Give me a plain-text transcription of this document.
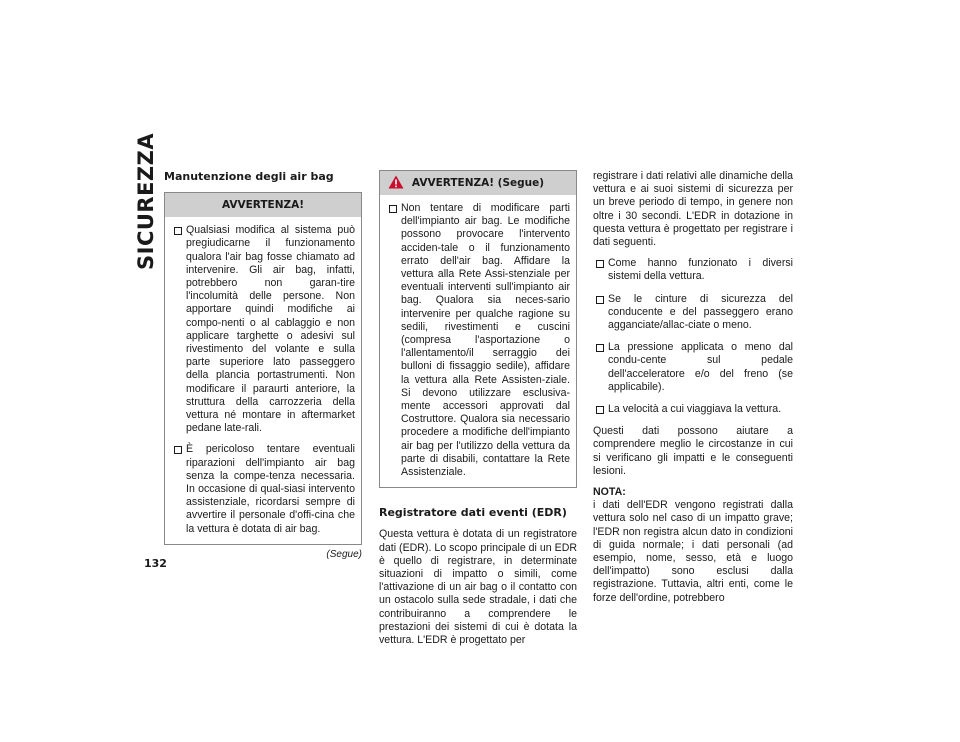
SICUREZZA
132
Manutenzione degli air bag
AVVERTENZA!
Qualsiasi modifica al sistema può pregiudicarne il funzionamento qualora l'air bag fosse chiamato ad intervenire. Gli air bag, infatti, potrebbero non garan-tire l'incolumità delle persone. Non apportare quindi modifiche ai compo-nenti o al cablaggio e non applicare targhette o adesivi sul rivestimento del volante e sulla parte superiore lato passeggero della plancia portastrumenti. Non modificare il paraurti anteriore, la struttura della carrozzeria della vettura né montare in aftermarket pedane late-rali.
È pericoloso tentare eventuali riparazioni dell'impianto air bag senza la compe-tenza necessaria. In occasione di qual-siasi intervento assistenziale, ricordarsi sempre di avvertire il personale d'offi-cina che la vettura è dotata di air bag.
(Segue)
AVVERTENZA! (Segue)
Non tentare di modificare parti dell'impianto air bag. Le modifiche possono provocare l'intervento acciden-tale o il funzionamento errato dell'air bag. Affidare la vettura alla Rete Assi-stenziale per eventuali interventi sull'impianto air bag. Qualora sia neces-sario intervenire per qualche ragione su sedili, rivestimenti e cuscini (compresa l'asportazione o l'allentamento/il serraggio dei bulloni di fissaggio sedile), affidare la vettura alla Rete Assisten-ziale. Si devono utilizzare esclusiva-mente accessori approvati dal Costruttore. Qualora sia necessario procedere a modifiche dell'impianto air bag per l'utilizzo della vettura da parte di disabili, contattare la Rete Assistenziale.
Registratore dati eventi (EDR)

Questa vettura è dotata di un registratore dati (EDR). Lo scopo principale di un EDR è quello di registrare, in determinate situazioni di impatto o simili, come l'attivazione di un air bag o il contatto con un ostacolo sulla sede stradale, i dati che contribuiranno a comprendere le prestazioni dei sistemi di cui è dotata la vettura. L'EDR è progettato per

registrare i dati relativi alle dinamiche della vettura e ai suoi sistemi di sicurezza per un breve periodo di tempo, in genere non oltre i 30 secondi. L'EDR in dotazione in questa vettura è progettato per registrare i dati seguenti.

Come hanno funzionato i diversi sistemi della vettura.
Se le cinture di sicurezza del conducente e del passeggero erano agganciate/allac-ciate o meno.
La pressione applicata o meno dal condu-cente sul pedale dell'acceleratore e/o del freno (se applicabile).
La velocità a cui viaggiava la vettura.

Questi dati possono aiutare a comprendere meglio le circostanze in cui si verificano gli impatti e le conseguenti lesioni.

NOTA:

i dati dell'EDR vengono registrati dalla vettura solo nel caso di un impatto grave; l'EDR non registra alcun dato in condizioni di guida normale; i dati personali (ad esempio, nome, sesso, età e luogo dell'impatto) sono esclusi dalla registrazione. Tuttavia, altri enti, come le forze dell'ordine, potrebbero
